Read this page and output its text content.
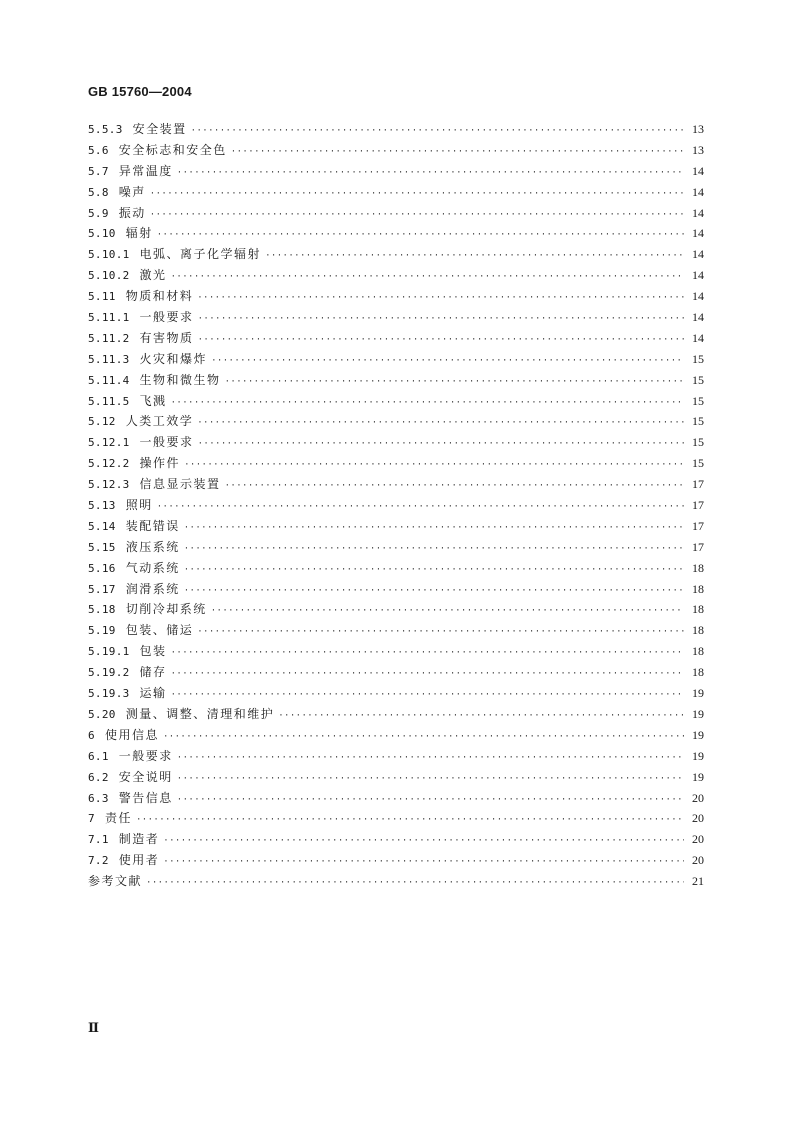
GB 15760—2004
5.5.3 安全装置 ·····	13
5.6 安全标志和安全色 ·····	13
5.7 异常温度 ·····	14
5.8 噪声 ·····	14
5.9 振动 ·····	14
5.10 辐射 ·····	14
5.10.1 电弧、离子化学辐射 ·····	14
5.10.2 激光 ·····	14
5.11 物质和材料 ·····	14
5.11.1 一般要求 ·····	14
5.11.2 有害物质 ·····	14
5.11.3 火灾和爆炸 ·····	15
5.11.4 生物和微生物 ·····	15
5.11.5 飞溅 ·····	15
5.12 人类工效学 ·····	15
5.12.1 一般要求 ·····	15
5.12.2 操作件 ·····	15
5.12.3 信息显示装置 ·····	17
5.13 照明 ·····	17
5.14 装配错误 ·····	17
5.15 液压系统 ·····	17
5.16 气动系统 ·····	18
5.17 润滑系统 ·····	18
5.18 切削冷却系统 ·····	18
5.19 包装、储运 ·····	18
5.19.1 包装 ·····	18
5.19.2 储存 ·····	18
5.19.3 运输 ·····	19
5.20 测量、调整、清理和维护 ·····	19
6 使用信息 ·····	19
6.1 一般要求 ·····	19
6.2 安全说明 ·····	19
6.3 警告信息 ·····	20
7 责任 ·····	20
7.1 制造者 ·····	20
7.2 使用者 ·····	20
参考文献 ·····	21
Ⅱ
